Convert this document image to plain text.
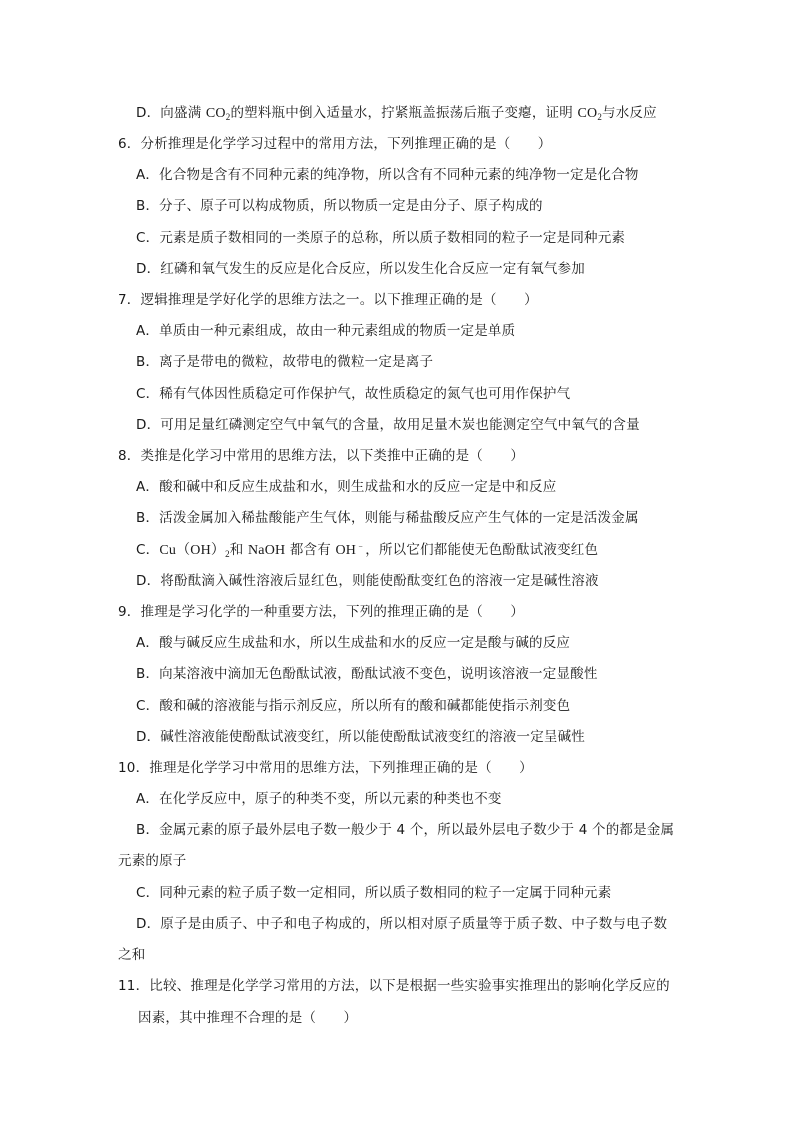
D．向盛满 $CO_2$的塑料瓶中倒入适量水，拧紧瓶盖振荡后瓶子变瘪，证明 $CO_2$与水反应
6．分析推理是化学学习过程中的常用方法，下列推理正确的是（　　）
A．化合物是含有不同种元素的纯净物，所以含有不同种元素的纯净物一定是化合物
B．分子、原子可以构成物质，所以物质一定是由分子、原子构成的
C．元素是质子数相同的一类原子的总称，所以质子数相同的粒子一定是同种元素
D．红磷和氧气发生的反应是化合反应，所以发生化合反应一定有氧气参加
7．逻辑推理是学好化学的思维方法之一。以下推理正确的是（　　）
A．单质由一种元素组成，故由一种元素组成的物质一定是单质
B．离子是带电的微粒，故带电的微粒一定是离子
C．稀有气体因性质稳定可作保护气，故性质稳定的氮气也可用作保护气
D．可用足量红磷测定空气中氧气的含量，故用足量木炭也能测定空气中氧气的含量
8．类推是化学习中常用的思维方法，以下类推中正确的是（　　）
A．酸和碱中和反应生成盐和水，则生成盐和水的反应一定是中和反应
B．活泼金属加入稀盐酸能产生气体，则能与稀盐酸反应产生气体的一定是活泼金属
C．$Cu(OH)_2$和 NaOH 都含有 OH﹣，所以它们都能使无色酚酞试液变红色
D．将酚酞滴入碱性溶液后显红色，则能使酚酞变红色的溶液一定是碱性溶液
9．推理是学习化学的一种重要方法，下列的推理正确的是（　　）
A．酸与碱反应生成盐和水，所以生成盐和水的反应一定是酸与碱的反应
B．向某溶液中滴加无色酚酞试液，酚酞试液不变色，说明该溶液一定显酸性
C．酸和碱的溶液能与指示剂反应，所以所有的酸和碱都能使指示剂变色
D．碱性溶液能使酚酞试液变红，所以能使酚酞试液变红的溶液一定呈碱性
10．推理是化学学习中常用的思维方法，下列推理正确的是（　　）
A．在化学反应中，原子的种类不变，所以元素的种类也不变
B．金属元素的原子最外层电子数一般少于 4 个，所以最外层电子数少于 4 个的都是金属
元素的原子
C．同种元素的粒子质子数一定相同，所以质子数相同的粒子一定属于同种元素
D．原子是由质子、中子和电子构成的，所以相对原子质量等于质子数、中子数与电子数
之和
11．比较、推理是化学学习常用的方法，以下是根据一些实验事实推理出的影响化学反应的
因素，其中推理不合理的是（　　）
